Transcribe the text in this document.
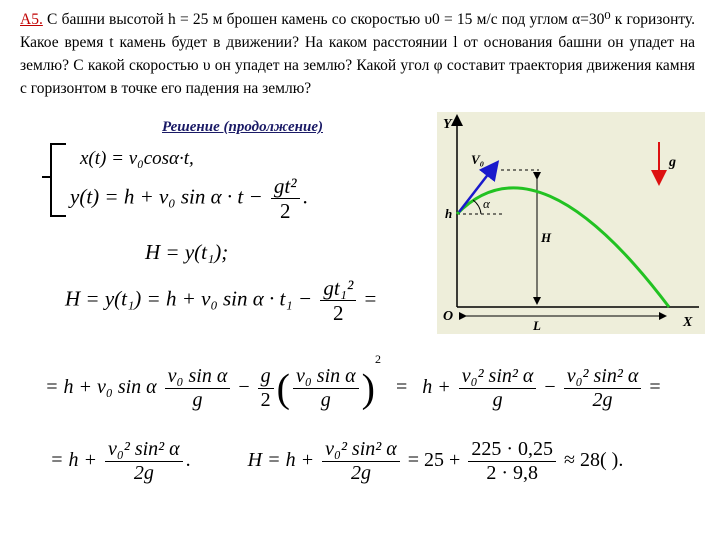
A5. С башни высотой h = 25 м брошен камень со скоростью υ0 = 15 м/с под углом α=30⁰ к горизонту. Какое время t камень будет в движении? На каком расстоянии l от основания башни он упадет на землю? С какой скоростью υ он упадет на землю? Какой угол φ составит траектория движения камня с горизонтом в точке его падения на землю?
Решение (продолжение)
x(t) = v₀cosα·t,
y(t) = h + v₀ $\sin \alpha \cdot t - \frac{\text{gt²}}{2}$ .
H = y(t₁);
H = y(t₁) = h + v₀ $\sin \alpha \cdot t_1 - \frac{\text{gt₁²}}{2}$ =
= h + v₀ sin α $\frac{\text{v₀ sin α}}{g} - \frac{g}{2}$ ( $\frac{\text{v₀ sin α}}{g} )^2 = h + \frac{\text{v₀² sin² α}}{g} - \frac{\text{v₀² sin² α}}{2g}$ =
= $h + \frac{\text{v₀² sin² α}}{2g}$ .	$H = h + \frac{\text{v₀² sin² α}}{2g} = 25 + \frac{225 \cdot 0,25}{2 \cdot 9,8} \approx 28$( ).
Y
X
O
V₀
h
α
H
L
g
